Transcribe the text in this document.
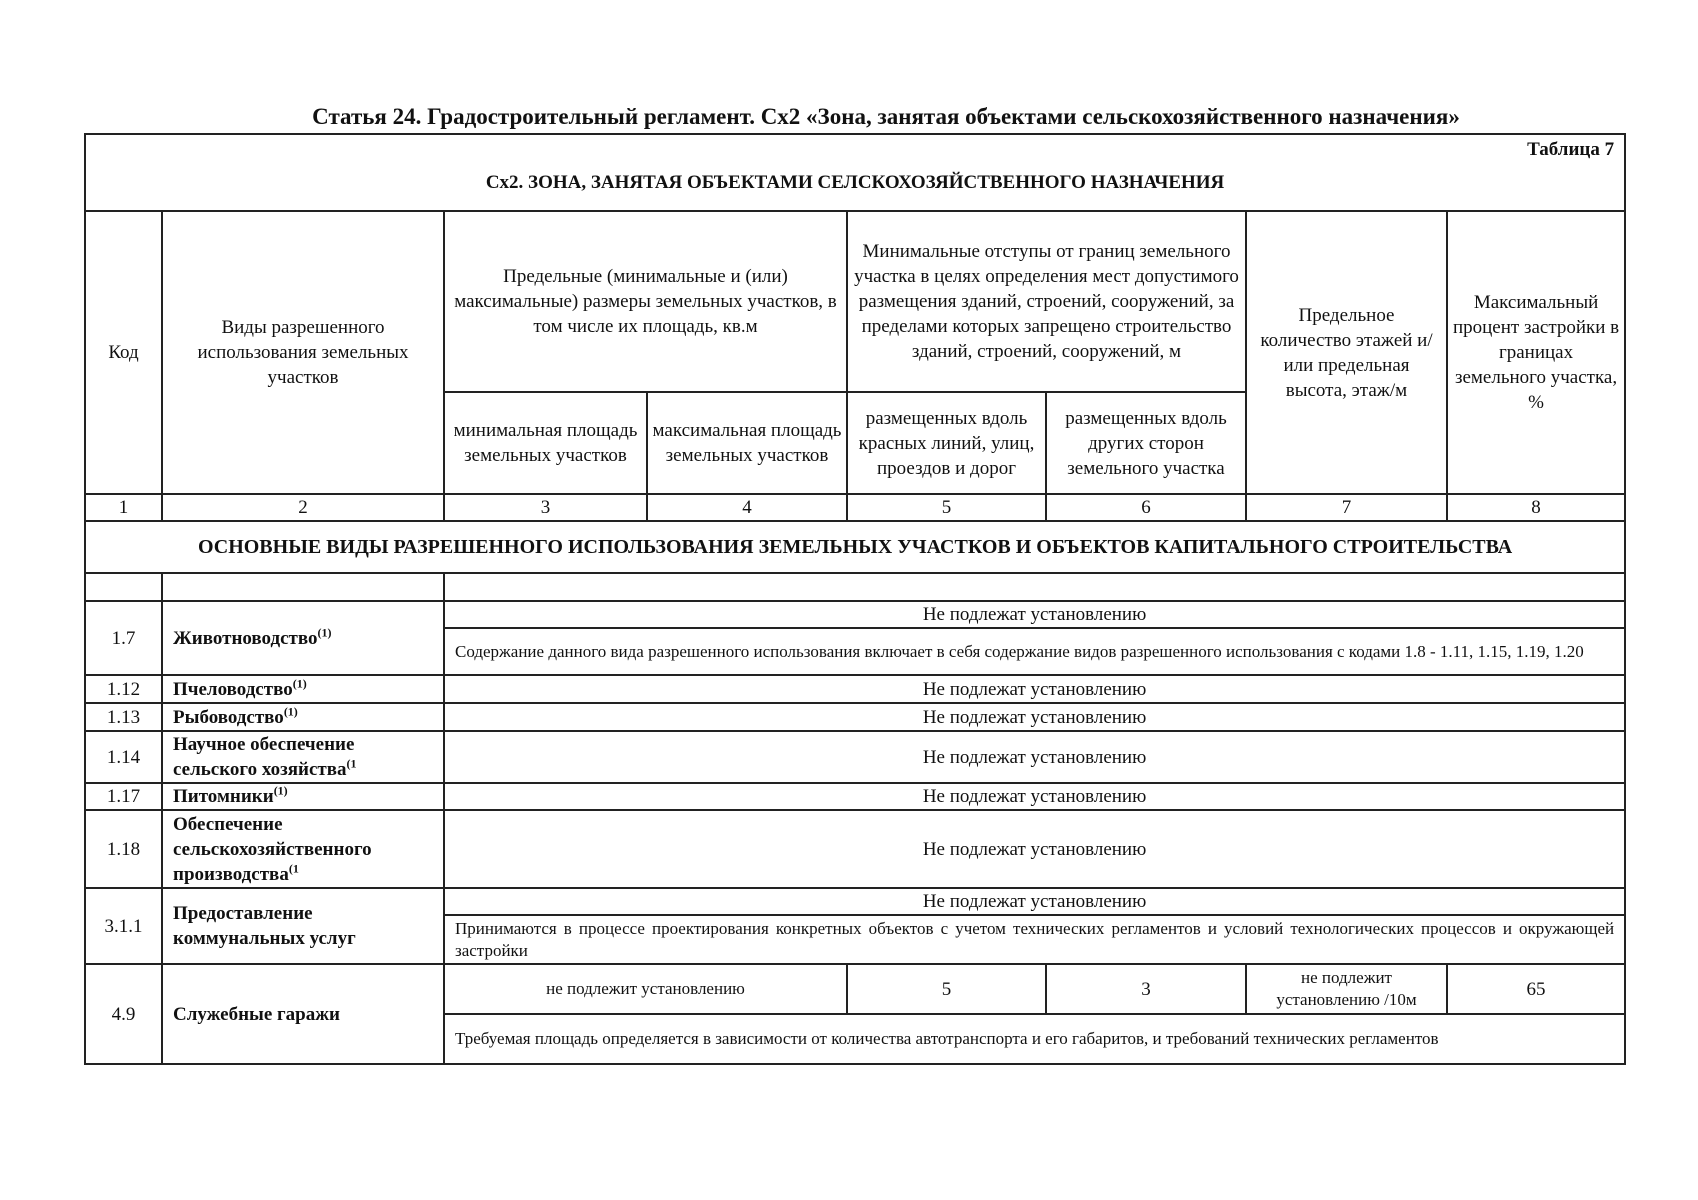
Статья 24. Градостроительный регламент. Сх2 «Зона, занятая объектами сельскохозяйственного назначения»
Таблица 7
Сх2. ЗОНА, ЗАНЯТАЯ ОБЪЕКТАМИ СЕЛСКОХОЗЯЙСТВЕННОГО НАЗНАЧЕНИЯ							

Код	Виды разрешенного использования земельных участков	Предельные (минимальные и (или) максимальные) размеры земельных участков, в том числе их площадь, кв.м		Минимальные отступы от границ земельного участка в целях определения мест допустимого размещения зданий, строений, сооружений, за пределами которых запрещено строительство зданий, строений, сооружений, м		Предельное количество этажей и/или предельная высота, этаж/м	Максимальный процент застройки в границах земельного участка, %
		минимальная площадь земельных участков	максимальная площадь земельных участков	размещенных вдоль красных линий, улиц, проездов и дорог	размещенных вдоль других сторон земельного участка		
1	2	3	4	5	6	7	8
ОСНОВНЫЕ ВИДЫ РАЗРЕШЕННОГО ИСПОЛЬЗОВАНИЯ ЗЕМЕЛЬНЫХ УЧАСТКОВ И ОБЪЕКТОВ КАПИТАЛЬНОГО СТРОИТЕЛЬСТВА							

1.7	Животноводство$^{(1)}$	Не подлежат установлению					
		Содержание данного вида разрешенного использования включает в себя содержание видов разрешенного использования с кодами 1.8 - 1.11, 1.15, 1.19, 1.20					
1.12	Пчеловодство$^{(1)}$	Не подлежат установлению					
1.13	Рыбоводство$^{(1)}$	Не подлежат установлению					
1.14	Научное обеспечение сельского хозяйства$^{(1}$	Не подлежат установлению					
1.17	Питомники$^{(1)}$	Не подлежат установлению					
1.18	Обеспечение сельскохозяйственного производства$^{(1}$	Не подлежат установлению					
3.1.1	Предоставление коммунальных услуг	Не подлежат установлению					
		Принимаются в процессе проектирования конкретных объектов с учетом технических регламентов и условий технологических процессов и окружающей застройки					
4.9	Служебные гаражи	не подлежит установлению		5	3	не подлежит установлению /10м	65
		Требуемая площадь определяется в зависимости от количества автотранспорта и его габаритов, и требований технических регламентов					
